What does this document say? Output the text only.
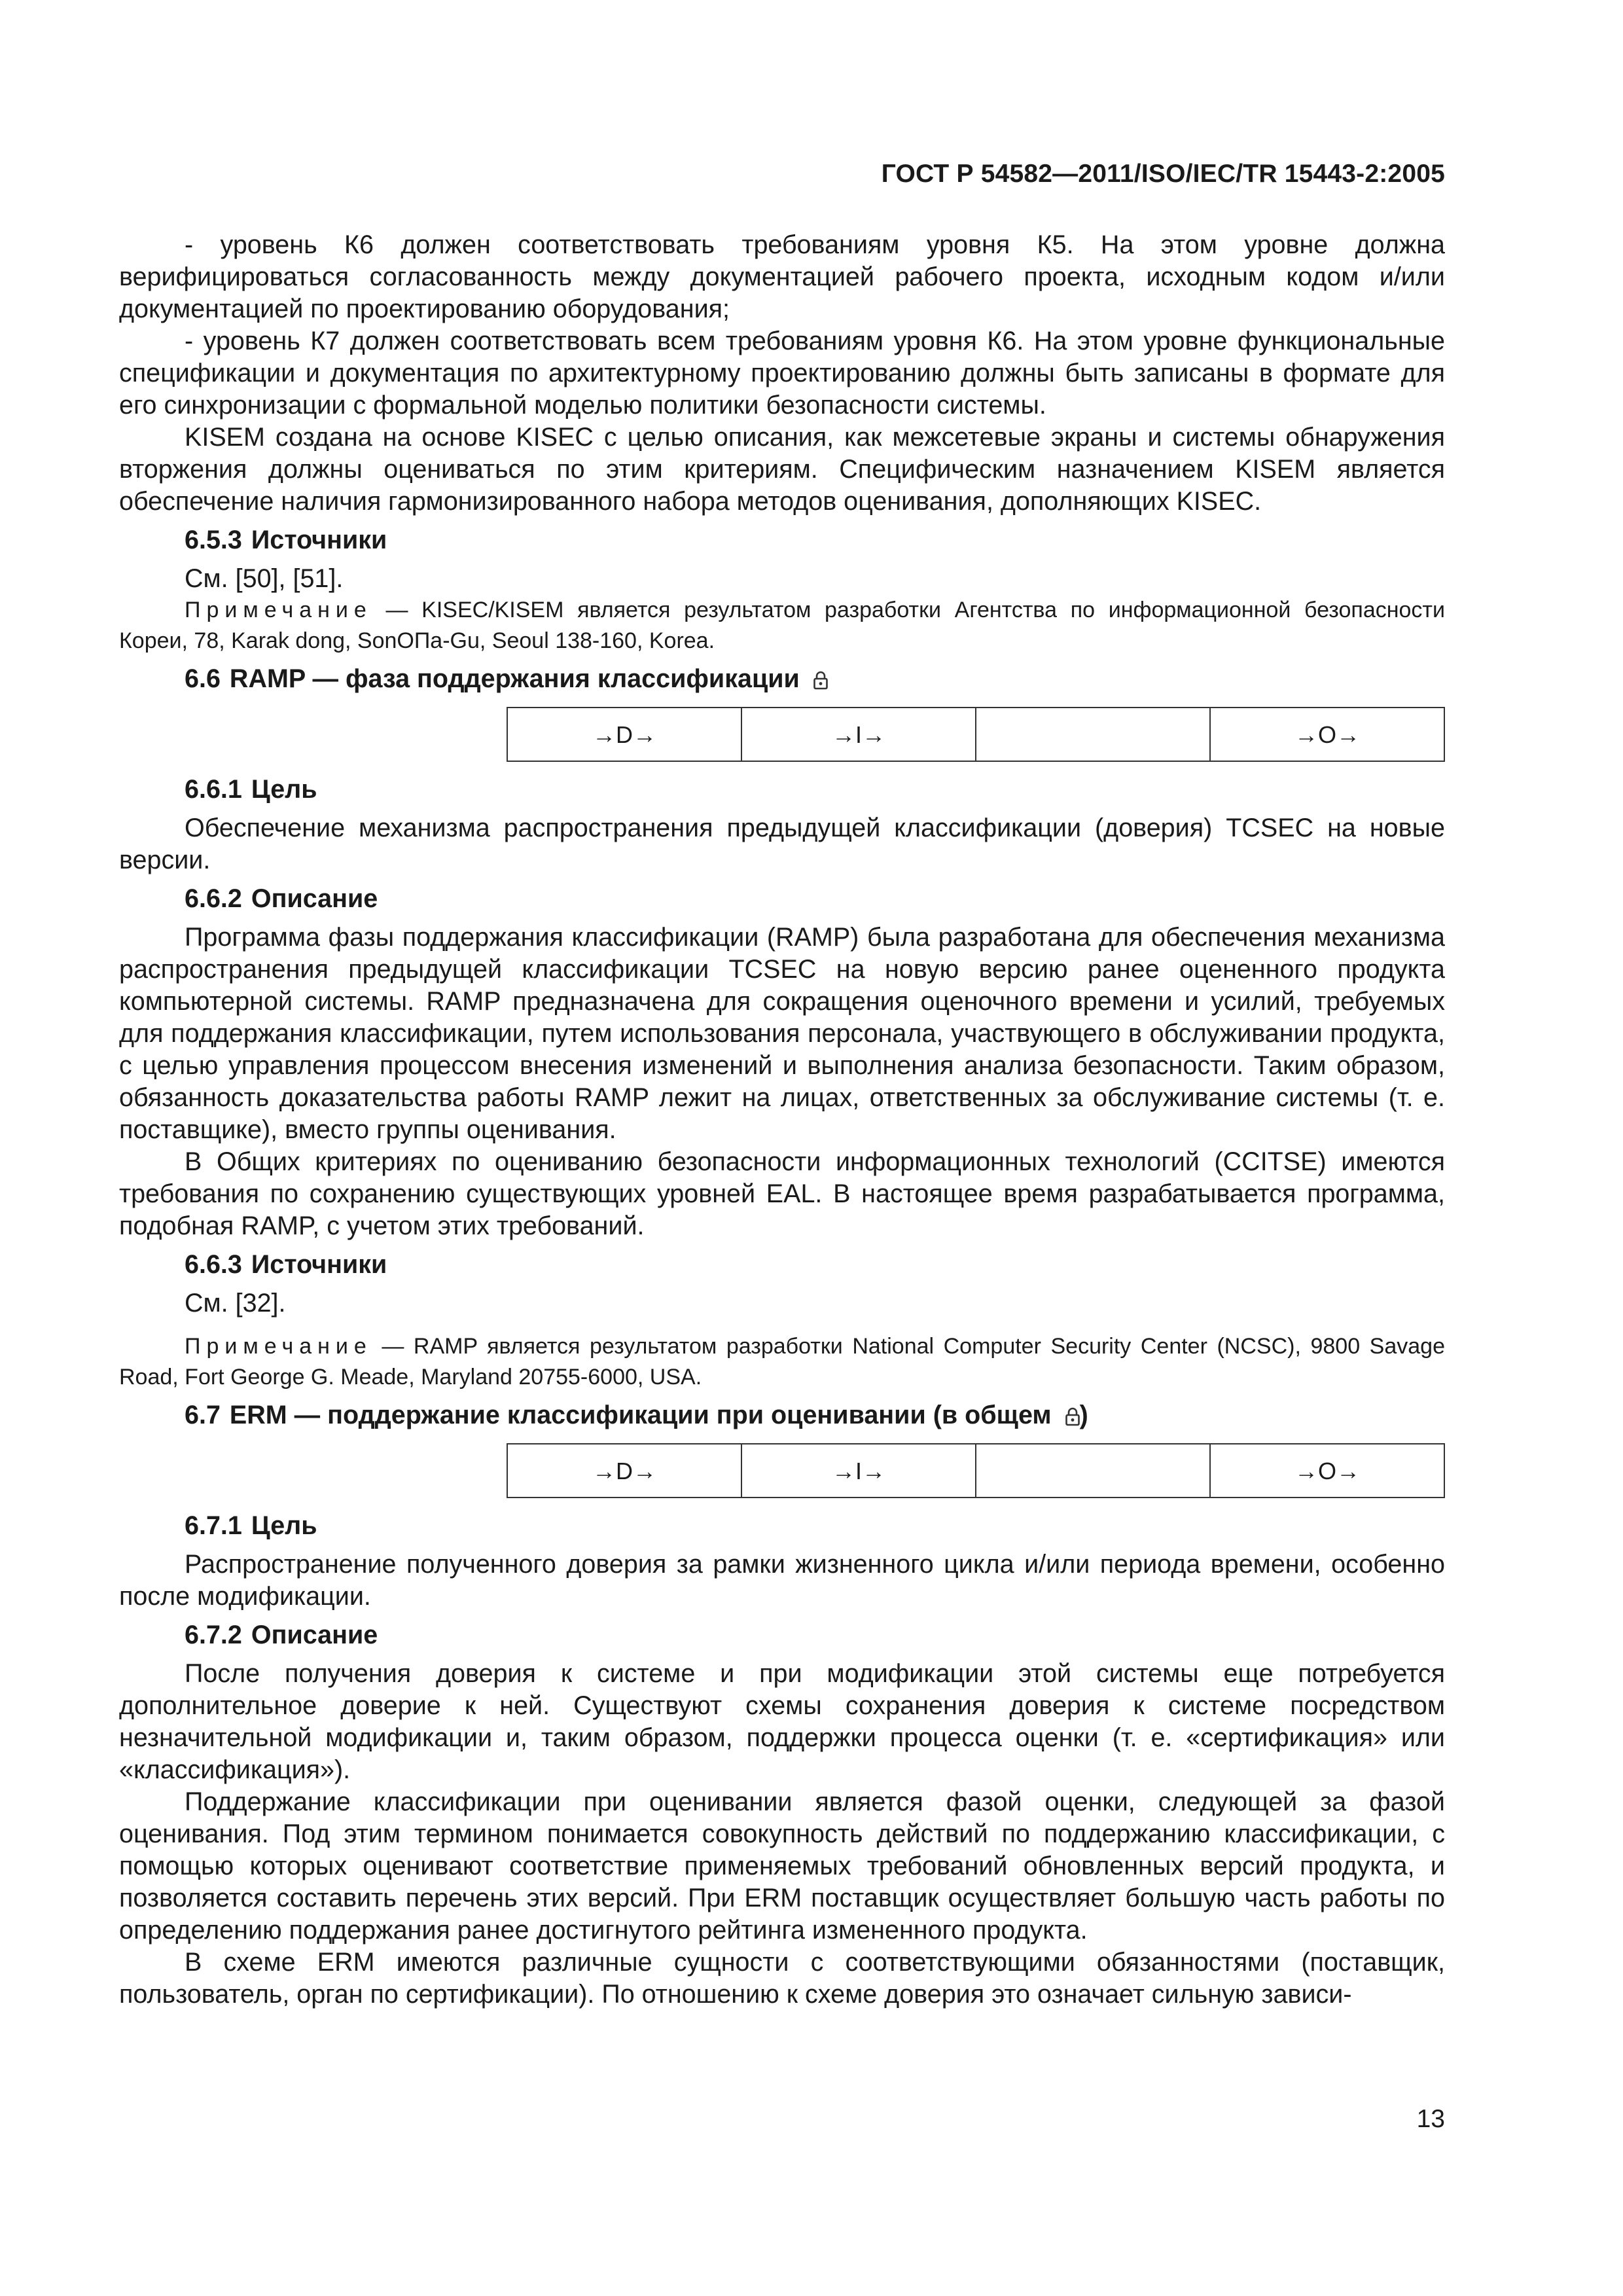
ГОСТ Р 54582—2011/ISO/IEC/TR 15443-2:2005

- уровень К6 должен соответствовать требованиям уровня К5. На этом уровне должна верифицироваться согласованность между документацией рабочего проекта, исходным кодом и/или документацией по проектированию оборудования;

- уровень К7 должен соответствовать всем требованиям уровня К6. На этом уровне функциональные спецификации и документация по архитектурному проектированию должны быть записаны в формате для его синхронизации с формальной моделью политики безопасности системы.

KISEM создана на основе KISEC с целью описания, как межсетевые экраны и системы обнаружения вторжения должны оцениваться по этим критериям. Специфическим назначением KISEM является обеспечение наличия гармонизированного набора методов оценивания, дополняющих KISEC.

6.5.3 Источники

См. [50], [51].

Примечание — KISEC/KISEM является результатом разработки Агентства по информационной безопасности Кореи, 78, Karak dong, SonОПа-Gu, Seoul 138-160, Korea.

6.6 RAMP — фаза поддержания классификации
→D→	→I→		→O→
6.6.1 Цель

Обеспечение механизма распространения предыдущей классификации (доверия) TCSEC на новые версии.

6.6.2 Описание

Программа фазы поддержания классификации (RAMP) была разработана для обеспечения механизма распространения предыдущей классификации TCSEC на новую версию ранее оцененного продукта компьютерной системы. RAMP предназначена для сокращения оценочного времени и усилий, требуемых для поддержания классификации, путем использования персонала, участвующего в обслуживании продукта, с целью управления процессом внесения изменений и выполнения анализа безопасности. Таким образом, обязанность доказательства работы RAMP лежит на лицах, ответственных за обслуживание системы (т. е. поставщике), вместо группы оценивания.

В Общих критериях по оцениванию безопасности информационных технологий (CCITSE) имеются требования по сохранению существующих уровней EAL. В настоящее время разрабатывается программа, подобная RAMP, с учетом этих требований.

6.6.3 Источники

См. [32].

Примечание — RAMP является результатом разработки National Computer Security Center (NCSC), 9800 Savage Road, Fort George G. Meade, Maryland 20755-6000, USA.

6.7 ERM — поддержание классификации при оценивании (в общем )
→D→	→I→		→O→
6.7.1 Цель

Распространение полученного доверия за рамки жизненного цикла и/или периода времени, особенно после модификации.

6.7.2 Описание

После получения доверия к системе и при модификации этой системы еще потребуется дополнительное доверие к ней. Существуют схемы сохранения доверия к системе посредством незначительной модификации и, таким образом, поддержки процесса оценки (т. е. «сертификация» или «классификация»).

Поддержание классификации при оценивании является фазой оценки, следующей за фазой оценивания. Под этим термином понимается совокупность действий по поддержанию классификации, с помощью которых оценивают соответствие применяемых требований обновленных версий продукта, и позволяется составить перечень этих версий. При ERM поставщик осуществляет большую часть работы по определению поддержания ранее достигнутого рейтинга измененного продукта.

В схеме ERM имеются различные сущности с соответствующими обязанностями (поставщик, пользователь, орган по сертификации). По отношению к схеме доверия это означает сильную зависи-

13
